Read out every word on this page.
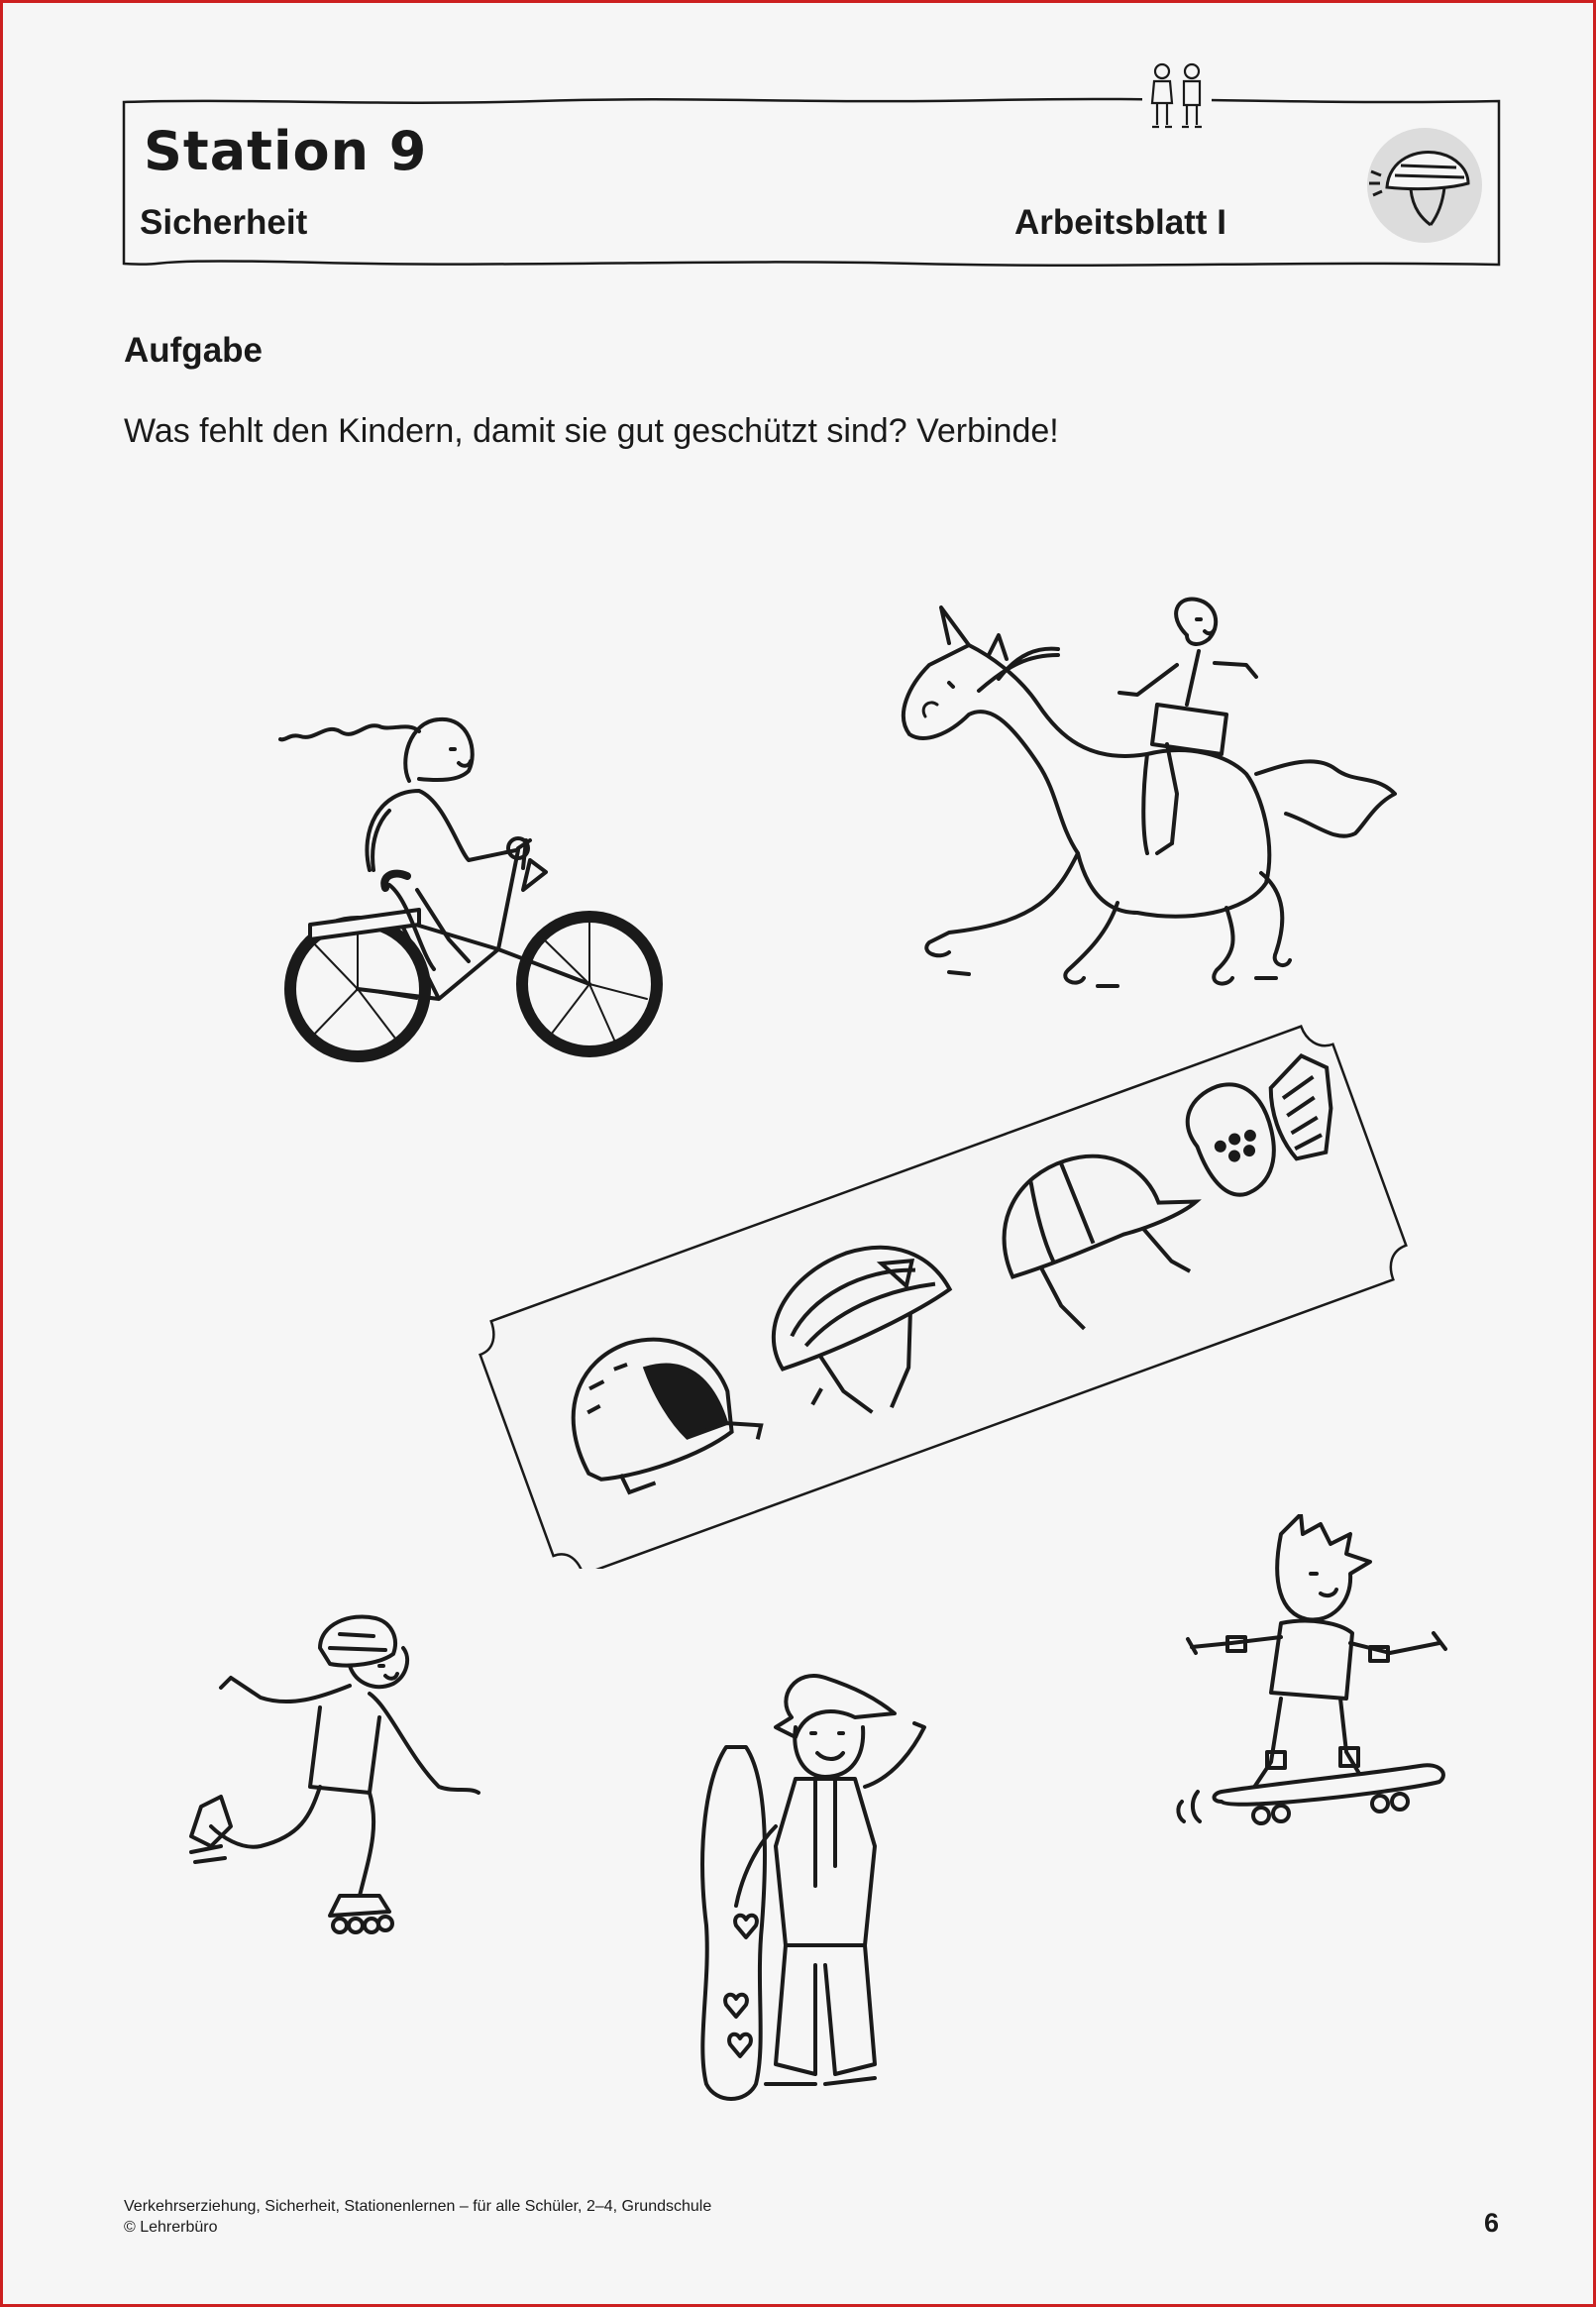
Station 9
Sicherheit	Arbeitsblatt I
Aufgabe

Was fehlt den Kindern, damit sie gut geschützt sind? Verbinde!

Verkehrserziehung, Sicherheit, Stationenlernen – für alle Schüler, 2–4, Grundschule
© Lehrerbüro	6
